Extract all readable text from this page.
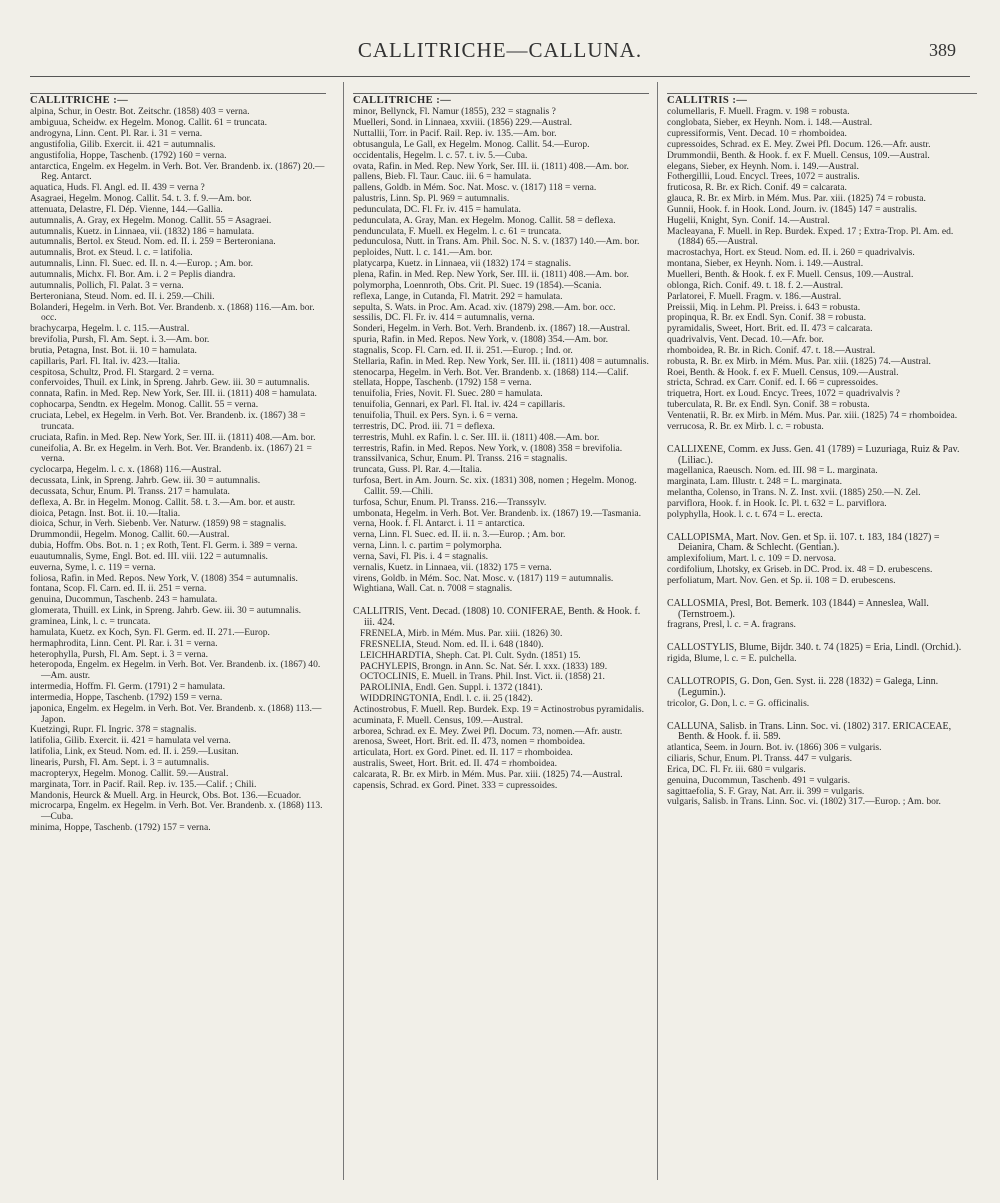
CALLITRICHE—CALLUNA.	389

CALLITRICHE :—

alpina, Schur, in Oestr. Bot. Zeitschr. (1858) 403 = verna.

ambiguua, Scheidw. ex Hegelm. Monog. Callit. 61 = truncata.

androgyna, Linn. Cent. Pl. Rar. i. 31 = verna.

angustifolia, Gilib. Exercit. ii. 421 = autumnalis.

angustifolia, Hoppe, Taschenb. (1792) 160 = verna.

antarctica, Engelm. ex Hegelm. in Verh. Bot. Ver. Brandenb. ix. (1867) 20.—Reg. Antarct.

aquatica, Huds. Fl. Angl. ed. II. 439 = verna ?

Asagraei, Hegelm. Monog. Callit. 54. t. 3. f. 9.—Am. bor.

attenuata, Delastre, Fl. Dép. Vienne, 144.—Gallia.

autumnalis, A. Gray, ex Hegelm. Monog. Callit. 55 = Asagraei.

autumnalis, Kuetz. in Linnaea, vii. (1832) 186 = hamulata.

autumnalis, Bertol. ex Steud. Nom. ed. II. i. 259 = Berteroniana.

autumnalis, Brot. ex Steud. l. c. = latifolia.

autumnalis, Linn. Fl. Suec. ed. II. n. 4.—Europ. ; Am. bor.

autumnalis, Michx. Fl. Bor. Am. i. 2 = Peplis diandra.

autumnalis, Pollich, Fl. Palat. 3 = verna.

Berteroniana, Steud. Nom. ed. II. i. 259.—Chili.

Bolanderi, Hegelm. in Verh. Bot. Ver. Brandenb. x. (1868) 116.—Am. bor. occ.

brachycarpa, Hegelm. l. c. 115.—Austral.

brevifolia, Pursh, Fl. Am. Sept. i. 3.—Am. bor.

brutia, Petagna, Inst. Bot. ii. 10 = hamulata.

capillaris, Parl. Fl. Ital. iv. 423.—Italia.

cespitosa, Schultz, Prod. Fl. Stargard. 2 = verna.

confervoides, Thuil. ex Link, in Spreng. Jahrb. Gew. iii. 30 = autumnalis.

connata, Rafin. in Med. Rep. New York, Ser. III. ii. (1811) 408 = hamulata.

cophocarpa, Sendtn. ex Hegelm. Monog. Callit. 55 = verna.

cruciata, Lebel, ex Hegelm. in Verh. Bot. Ver. Brandenb. ix. (1867) 38 = truncata.

cruciata, Rafin. in Med. Rep. New York, Ser. III. ii. (1811) 408.—Am. bor.

cuneifolia, A. Br. ex Hegelm. in Verh. Bot. Ver. Brandenb. ix. (1867) 21 = verna.

cyclocarpa, Hegelm. l. c. x. (1868) 116.—Austral.

decussata, Link, in Spreng. Jahrb. Gew. iii. 30 = autumnalis.

decussata, Schur, Enum. Pl. Transs. 217 = hamulata.

deflexa, A. Br. in Hegelm. Monog. Callit. 58. t. 3.—Am. bor. et austr.

dioica, Petagn. Inst. Bot. ii. 10.—Italia.

dioica, Schur, in Verh. Siebenb. Ver. Naturw. (1859) 98 = stagnalis.

Drummondii, Hegelm. Monog. Callit. 60.—Austral.

dubia, Hoffm. Obs. Bot. n. 1 ; ex Roth, Tent. Fl. Germ. i. 389 = verna.

euautumnalis, Syme, Engl. Bot. ed. III. viii. 122 = autumnalis.

euverna, Syme, l. c. 119 = verna.

foliosa, Rafin. in Med. Repos. New York, V. (1808) 354 = autumnalis.

fontana, Scop. Fl. Carn. ed. II. ii. 251 = verna.

genuina, Ducommun, Taschenb. 243 = hamulata.

glomerata, Thuill. ex Link, in Spreng. Jahrb. Gew. iii. 30 = autumnalis.

graminea, Link, l. c. = truncata.

hamulata, Kuetz. ex Koch, Syn. Fl. Germ. ed. II. 271.—Europ.

hermaphrodita, Linn. Cent. Pl. Rar. i. 31 = verna.

heterophylla, Pursh, Fl. Am. Sept. i. 3 = verna.

heteropoda, Engelm. ex Hegelm. in Verh. Bot. Ver. Brandenb. ix. (1867) 40.—Am. austr.

intermedia, Hoffm. Fl. Germ. (1791) 2 = hamulata.

intermedia, Hoppe, Taschenb. (1792) 159 = verna.

japonica, Engelm. ex Hegelm. in Verh. Bot. Ver. Brandenb. x. (1868) 113.—Japon.

Kuetzingi, Rupr. Fl. Ingric. 378 = stagnalis.

latifolia, Gilib. Exercit. ii. 421 = hamulata vel verna.

latifolia, Link, ex Steud. Nom. ed. II. i. 259.—Lusitan.

linearis, Pursh, Fl. Am. Sept. i. 3 = autumnalis.

macropteryx, Hegelm. Monog. Callit. 59.—Austral.

marginata, Torr. in Pacif. Rail. Rep. iv. 135.—Calif. ; Chili.

Mandonis, Heurck & Muell. Arg. in Heurck, Obs. Bot. 136.—Ecuador.

microcarpa, Engelm. ex Hegelm. in Verh. Bot. Ver. Brandenb. x. (1868) 113.—Cuba.

minima, Hoppe, Taschenb. (1792) 157 = verna.

CALLITRICHE :—

minor, Bellynck, Fl. Namur (1855), 232 = stagnalis ?

Muelleri, Sond. in Linnaea, xxviii. (1856) 229.—Austral.

Nuttallii, Torr. in Pacif. Rail. Rep. iv. 135.—Am. bor.

obtusangula, Le Gall, ex Hegelm. Monog. Callit. 54.—Europ.

occidentalis, Hegelm. l. c. 57. t. iv. 5.—Cuba.

ovata, Rafin. in Med. Rep. New York, Ser. III. ii. (1811) 408.—Am. bor.

pallens, Bieb. Fl. Taur. Cauc. iii. 6 = hamulata.

pallens, Goldb. in Mém. Soc. Nat. Mosc. v. (1817) 118 = verna.

palustris, Linn. Sp. Pl. 969 = autumnalis.

pedunculata, DC. Fl. Fr. iv. 415 = hamulata.

pedunculata, A. Gray, Man. ex Hegelm. Monog. Callit. 58 = deflexa.

pendunculata, F. Muell. ex Hegelm. l. c. 61 = truncata.

pedunculosa, Nutt. in Trans. Am. Phil. Soc. N. S. v. (1837) 140.—Am. bor.

peploides, Nutt. l. c. 141.—Am. bor.

platycarpa, Kuetz. in Linnaea, vii (1832) 174 = stagnalis.

plena, Rafin. in Med. Rep. New York, Ser. III. ii. (1811) 408.—Am. bor.

polymorpha, Loennroth, Obs. Crit. Pl. Suec. 19 (1854).—Scania.

reflexa, Lange, in Cutanda, Fl. Matrit. 292 = hamulata.

sepulta, S. Wats. in Proc. Am. Acad. xiv. (1879) 298.—Am. bor. occ.

sessilis, DC. Fl. Fr. iv. 414 = autumnalis, verna.

Sonderi, Hegelm. in Verh. Bot. Verh. Brandenb. ix. (1867) 18.—Austral.

spuria, Rafin. in Med. Repos. New York, v. (1808) 354.—Am. bor.

stagnalis, Scop. Fl. Carn. ed. II. ii. 251.—Europ. ; Ind. or.

Stellaria, Rafin. in Med. Rep. New York, Ser. III. ii. (1811) 408 = autumnalis.

stenocarpa, Hegelm. in Verh. Bot. Ver. Brandenb. x. (1868) 114.—Calif.

stellata, Hoppe, Taschenb. (1792) 158 = verna.

tenuifolia, Fries, Novit. Fl. Suec. 280 = hamulata.

tenuifolia, Gennari, ex Parl. Fl. Ital. iv. 424 = capillaris.

tenuifolia, Thuil. ex Pers. Syn. i. 6 = verna.

terrestris, DC. Prod. iii. 71 = deflexa.

terrestris, Muhl. ex Rafin. l. c. Ser. III. ii. (1811) 408.—Am. bor.

terrestris, Rafin. in Med. Repos. New York, v. (1808) 358 = brevifolia.

transsilvanica, Schur, Enum. Pl. Transs. 216 = stagnalis.

truncata, Guss. Pl. Rar. 4.—Italia.

turfosa, Bert. in Am. Journ. Sc. xix. (1831) 308, nomen ; Hegelm. Monog. Callit. 59.—Chili.

turfosa, Schur, Enum. Pl. Transs. 216.—Transsylv.

umbonata, Hegelm. in Verh. Bot. Ver. Brandenb. ix. (1867) 19.—Tasmania.

verna, Hook. f. Fl. Antarct. i. 11 = antarctica.

verna, Linn. Fl. Suec. ed. II. ii. n. 3.—Europ. ; Am. bor.

verna, Linn. l. c. partim = polymorpha.

verna, Savi, Fl. Pis. i. 4 = stagnalis.

vernalis, Kuetz. in Linnaea, vii. (1832) 175 = verna.

virens, Goldb. in Mém. Soc. Nat. Mosc. v. (1817) 119 = autumnalis.

Wightiana, Wall. Cat. n. 7008 = stagnalis.

CALLITRIS, Vent. Decad. (1808) 10. CONIFERAE, Benth. & Hook. f. iii. 424.

FRENELA, Mirb. in Mém. Mus. Par. xiii. (1826) 30.

FRESNELIA, Steud. Nom. ed. II. i. 648 (1840).

LEICHHARDTIA, Sheph. Cat. Pl. Cult. Sydn. (1851) 15.

PACHYLEPIS, Brongn. in Ann. Sc. Nat. Sér. I. xxx. (1833) 189.

OCTOCLINIS, E. Muell. in Trans. Phil. Inst. Vict. ii. (1858) 21.

PAROLINIA, Endl. Gen. Suppl. i. 1372 (1841).

WIDDRINGTONIA, Endl. l. c. ii. 25 (1842).

Actinostrobus, F. Muell. Rep. Burdek. Exp. 19 = Actinostrobus pyramidalis.

acuminata, F. Muell. Census, 109.—Austral.

arborea, Schrad. ex E. Mey. Zwei Pfl. Docum. 73, nomen.—Afr. austr.

arenosa, Sweet, Hort. Brit. ed. II. 473, nomen = rhomboidea.

articulata, Hort. ex Gord. Pinet. ed. II. 117 = rhomboidea.

australis, Sweet, Hort. Brit. ed. II. 474 = rhomboidea.

calcarata, R. Br. ex Mirb. in Mém. Mus. Par. xiii. (1825) 74.—Austral.

capensis, Schrad. ex Gord. Pinet. 333 = cupressoides.

CALLITRIS :—

columellaris, F. Muell. Fragm. v. 198 = robusta.

conglobata, Sieber, ex Heynh. Nom. i. 148.—Austral.

cupressiformis, Vent. Decad. 10 = rhomboidea.

cupressoides, Schrad. ex E. Mey. Zwei Pfl. Docum. 126.—Afr. austr.

Drummondii, Benth. & Hook. f. ex F. Muell. Census, 109.—Austral.

elegans, Sieber, ex Heynh. Nom. i. 149.—Austral.

Fothergillii, Loud. Encycl. Trees, 1072 = australis.

fruticosa, R. Br. ex Rich. Conif. 49 = calcarata.

glauca, R. Br. ex Mirb. in Mém. Mus. Par. xiii. (1825) 74 = robusta.

Gunnii, Hook. f. in Hook. Lond. Journ. iv. (1845) 147 = australis.

Hugelii, Knight, Syn. Conif. 14.—Austral.

Macleayana, F. Muell. in Rep. Burdek. Exped. 17 ; Extra-Trop. Pl. Am. ed. (1884) 65.—Austral.

macrostachya, Hort. ex Steud. Nom. ed. II. i. 260 = quadrivalvis.

montana, Sieber, ex Heynh. Nom. i. 149.—Austral.

Muelleri, Benth. & Hook. f. ex F. Muell. Census, 109.—Austral.

oblonga, Rich. Conif. 49. t. 18. f. 2.—Austral.

Parlatorei, F. Muell. Fragm. v. 186.—Austral.

Preissii, Miq. in Lehm. Pl. Preiss. i. 643 = robusta.

propinqua, R. Br. ex Endl. Syn. Conif. 38 = robusta.

pyramidalis, Sweet, Hort. Brit. ed. II. 473 = calcarata.

quadrivalvis, Vent. Decad. 10.—Afr. bor.

rhomboidea, R. Br. in Rich. Conif. 47. t. 18.—Austral.

robusta, R. Br. ex Mirb. in Mém. Mus. Par. xiii. (1825) 74.—Austral.

Roei, Benth. & Hook. f. ex F. Muell. Census, 109.—Austral.

stricta, Schrad. ex Carr. Conif. ed. I. 66 = cupressoides.

triquetra, Hort. ex Loud. Encyc. Trees, 1072 = quadrivalvis ?

tuberculata, R. Br. ex Endl. Syn. Conif. 38 = robusta.

Ventenatii, R. Br. ex Mirb. in Mém. Mus. Par. xiii. (1825) 74 = rhomboidea.

verrucosa, R. Br. ex Mirb. l. c. = robusta.

CALLIXENE, Comm. ex Juss. Gen. 41 (1789) = Luzuriaga, Ruiz & Pav. (Liliac.).

magellanica, Raeusch. Nom. ed. III. 98 = L. marginata.

marginata, Lam. Illustr. t. 248 = L. marginata.

melantha, Colenso, in Trans. N. Z. Inst. xvii. (1885) 250.—N. Zel.

parviflora, Hook. f. in Hook. Ic. Pl. t. 632 = L. parviflora.

polyphylla, Hook. l. c. t. 674 = L. erecta.

CALLOPISMA, Mart. Nov. Gen. et Sp. ii. 107. t. 183, 184 (1827) = Deianira, Cham. & Schlecht. (Gentian.).

amplexifolium, Mart. l. c. 109 = D. nervosa.

cordifolium, Lhotsky, ex Griseb. in DC. Prod. ix. 48 = D. erubescens.

perfoliatum, Mart. Nov. Gen. et Sp. ii. 108 = D. erubescens.

CALLOSMIA, Presl, Bot. Bemerk. 103 (1844) = Anneslea, Wall. (Ternstroem.).

fragrans, Presl, l. c. = A. fragrans.

CALLOSTYLIS, Blume, Bijdr. 340. t. 74 (1825) = Eria, Lindl. (Orchid.).

rigida, Blume, l. c. = E. pulchella.

CALLOTROPIS, G. Don, Gen. Syst. ii. 228 (1832) = Galega, Linn. (Legumin.).

tricolor, G. Don, l. c. = G. officinalis.

CALLUNA, Salisb. in Trans. Linn. Soc. vi. (1802) 317. ERICACEAE, Benth. & Hook. f. ii. 589.

atlantica, Seem. in Journ. Bot. iv. (1866) 306 = vulgaris.

ciliaris, Schur, Enum. Pl. Transs. 447 = vulgaris.

Erica, DC. Fl. Fr. iii. 680 = vulgaris.

genuina, Ducommun, Taschenb. 491 = vulgaris.

sagittaefolia, S. F. Gray, Nat. Arr. ii. 399 = vulgaris.

vulgaris, Salisb. in Trans. Linn. Soc. vi. (1802) 317.—Europ. ; Am. bor.
